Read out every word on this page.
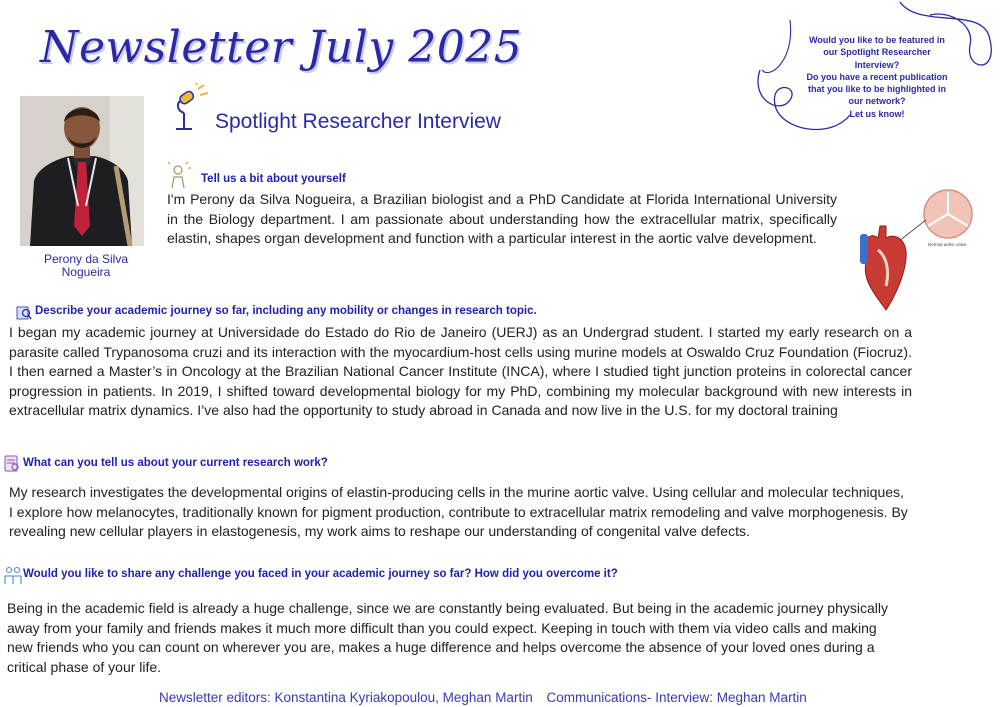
Newsletter July 2025	Would you like to be featured in
our Spotlight Researcher
Interview?
Do you have a recent publication
that you like to be highlighted in
our network?
Let us know!
Perony da Silva
Nogueira
Spotlight Researcher Interview
Tell us a bit about yourself
I'm Perony da Silva Nogueira, a Brazilian biologist and a PhD Candidate at Florida International University in the Biology department. I am passionate about understanding how the extracellular matrix, specifically elastin, shapes organ development and function with a particular interest in the aortic valve development.	Normal aortic valve
Describe your academic journey so far, including any mobility or changes in research topic.
I began my academic journey at Universidade do Estado do Rio de Janeiro (UERJ) as an Undergrad student. I started my early research on a parasite called Trypanosoma cruzi and its interaction with the myocardium-host cells using murine models at Oswaldo Cruz Foundation (Fiocruz). I then earned a Master’s in Oncology at the Brazilian National Cancer Institute (INCA), where I studied tight junction proteins in colorectal cancer progression in patients. In 2019, I shifted toward developmental biology for my PhD, combining my molecular background with new interests in extracellular matrix dynamics. I’ve also had the opportunity to study abroad in Canada and now live in the U.S. for my doctoral training
What can you tell us about your current research work?
My research investigates the developmental origins of elastin-producing cells in the murine aortic valve. Using cellular and molecular techniques, I explore how melanocytes, traditionally known for pigment production, contribute to extracellular matrix remodeling and valve morphogenesis. By revealing new cellular players in elastogenesis, my work aims to reshape our understanding of congenital valve defects.
Would you like to share any challenge you faced in your academic journey so far? How did you overcome it?
Being in the academic field is already a huge challenge, since we are constantly being evaluated. But being in the academic journey physically away from your family and friends makes it much more difficult than you could expect. Keeping in touch with them via video calls and making new friends who you can count on wherever you are, makes a huge difference and helps overcome the absence of your loved ones during a critical phase of your life.
Newsletter editors: Konstantina Kyriakopoulou, Meghan Martin Communications- Interview: Meghan Martin
